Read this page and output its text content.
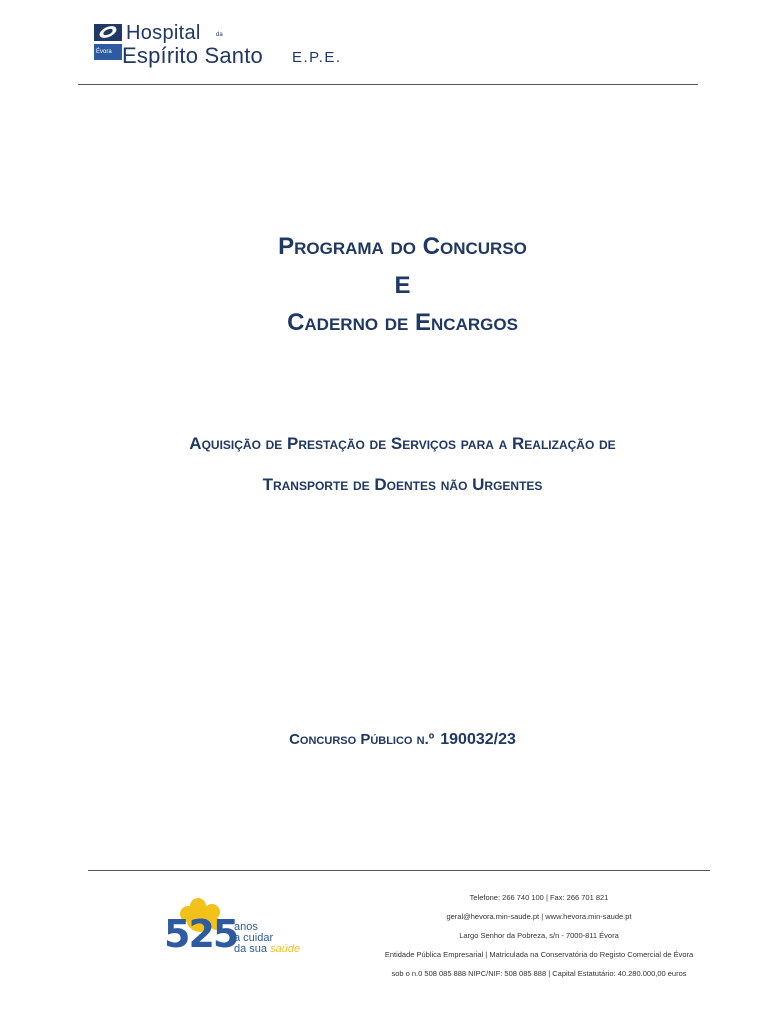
Hospital	da
Évora Espírito Santo E.P.E.
Programa do Concurso
E
Caderno de Encargos
Aquisição de Prestação de Serviços para a Realização de
Transporte de Doentes não Urgentes
Concurso Público n.º 190032/23
525
anos
a cuidar
da sua saúde
Telefone: 266 740 100 | Fax: 266 701 821
geral@hevora.min-saude.pt | www.hevora.min-saude.pt
Largo Senhor da Pobreza, s/n - 7000-811 Évora
Entidade Pública Empresarial | Matriculada na Conservatória do Registo Comercial de Évora
sob o n.0 508 085 888 NIPC/NIF: 508 085 888 | Capital Estatutário: 40.280.000,00 euros
